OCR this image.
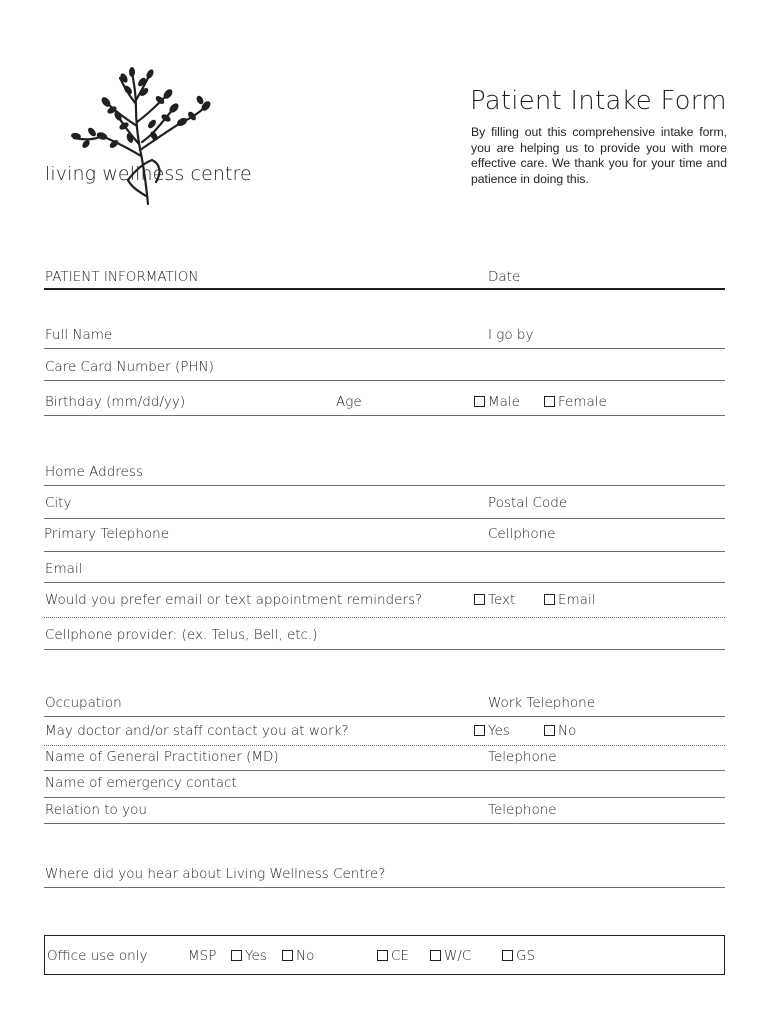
living wellness centre
Patient Intake Form
By filling out this comprehensive intake form, you are helping us to provide you with more effective care. We thank you for your time and patience in doing this.
PATIENT INFORMATION	Date
Full Name	I go by
Care Card Number (PHN)
Birthday (mm/dd/yy)	Age	Male	Female
Home Address
City	Postal Code
Primary Telephone	Cellphone
Email
Would you prefer email or text appointment reminders?	Text	Email
Cellphone provider: (ex. Telus, Bell, etc.)
Occupation	Work Telephone
May doctor and/or staff contact you at work?	Yes	No
Name of General Practitioner (MD)	Telephone
Name of emergency contact
Relation to you	Telephone
Where did you hear about Living Wellness Centre?
Office use only	MSP	Yes	No	CE	W/C	GS
